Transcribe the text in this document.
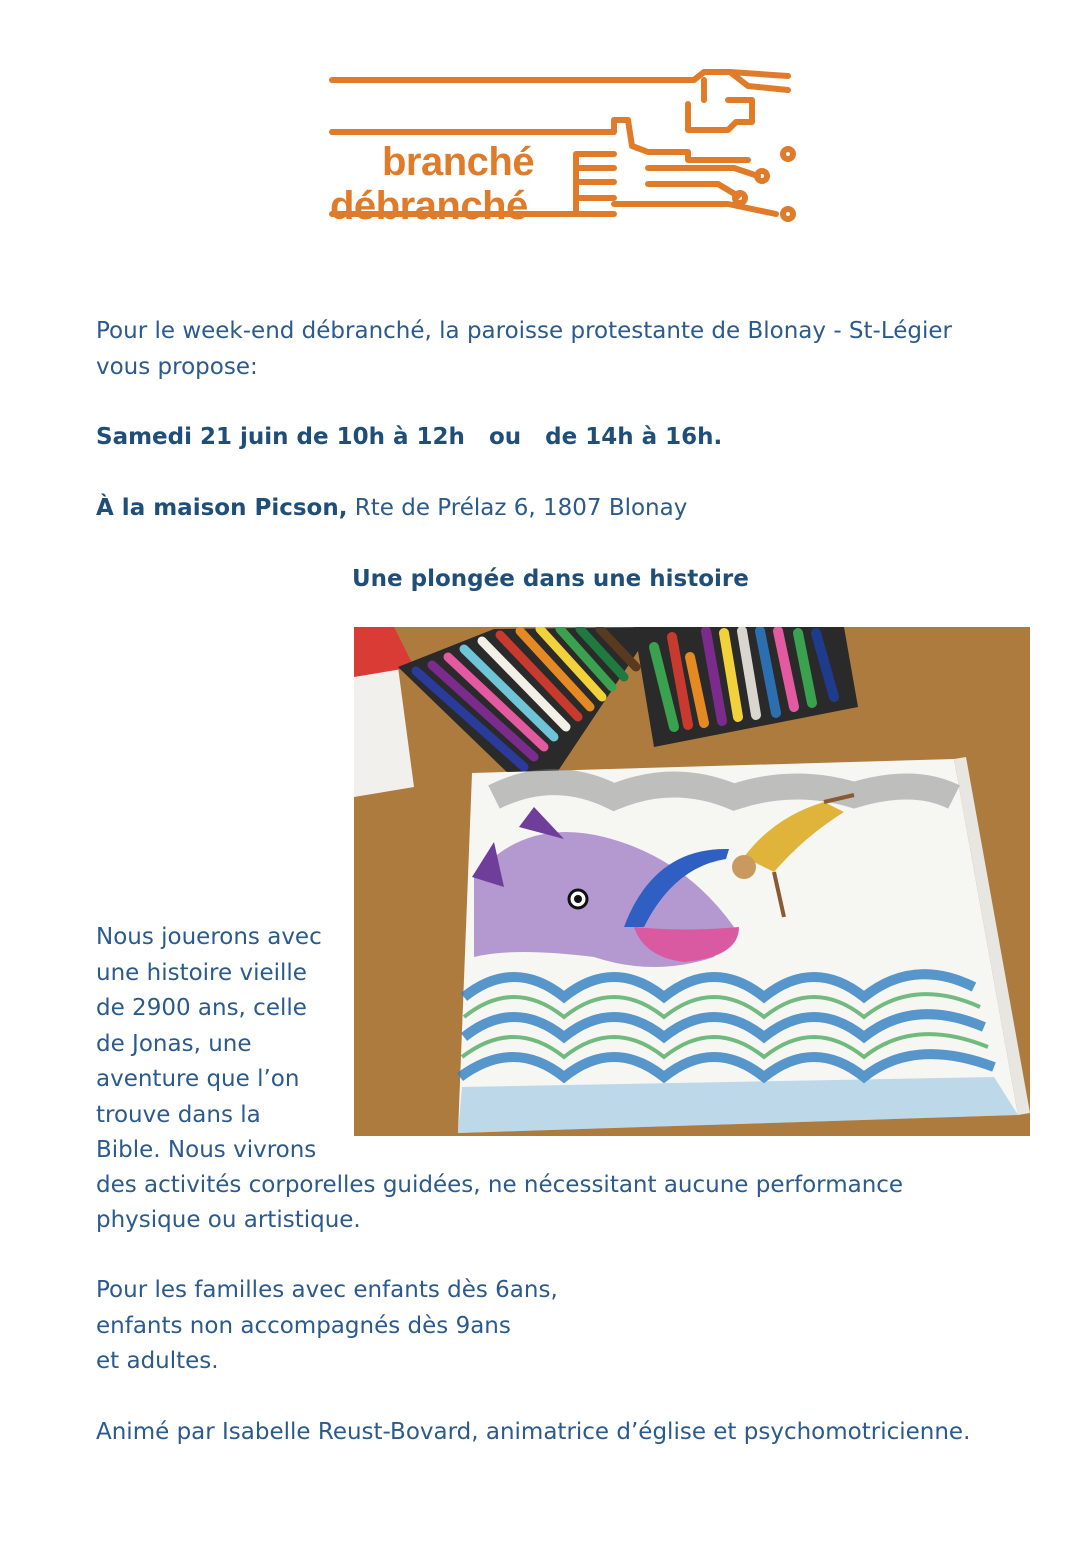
branché
débranché

Pour le week-end débranché, la paroisse protestante de Blonay - St-Légier

vous propose:

Samedi 21 juin de 10h à 12h ou de 14h à 16h.

À la maison Picson, Rte de Prélaz 6, 1807 Blonay

Une plongée dans une histoire

Nous jouerons avec
une histoire vieille
de 2900 ans, celle
de Jonas, une
aventure que l’on
trouve dans la
Bible. Nous vivrons

des activités corporelles guidées, ne nécessitant aucune performance

physique ou artistique.

Pour les familles avec enfants dès 6ans,

enfants non accompagnés dès 9ans

et adultes.

Animé par Isabelle Reust-Bovard, animatrice d’église et psychomotricienne.
